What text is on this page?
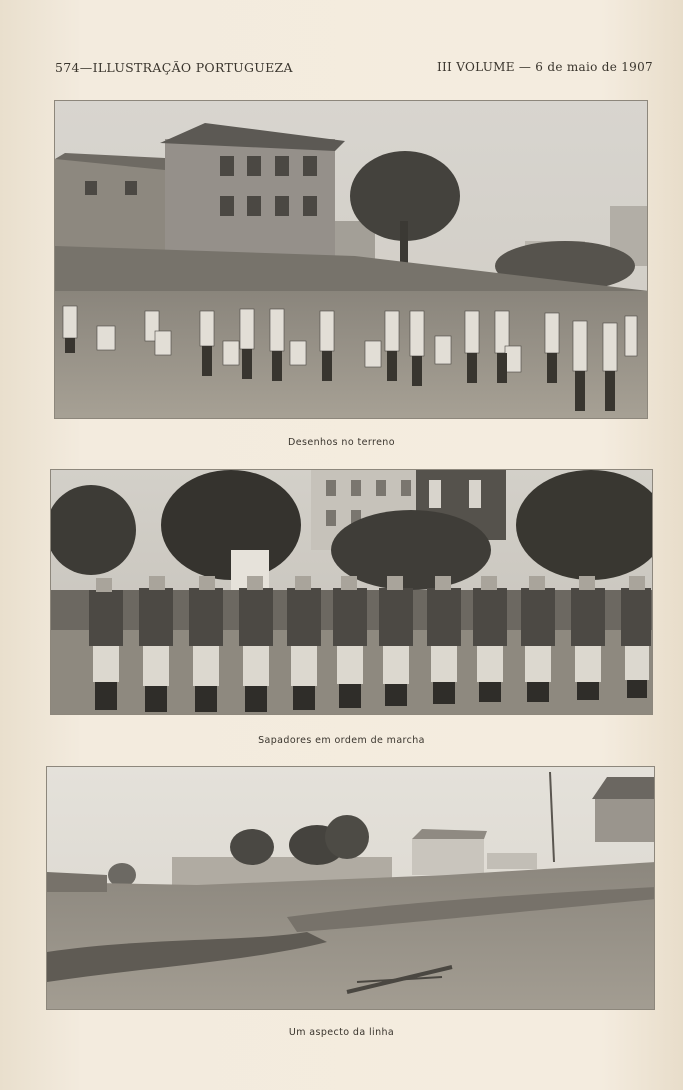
574—ILLUSTRAÇÃO PORTUGUEZA	III VOLUME — 6 de maio de 1907
Desenhos no terreno
Sapadores em ordem de marcha
Um aspecto da linha
